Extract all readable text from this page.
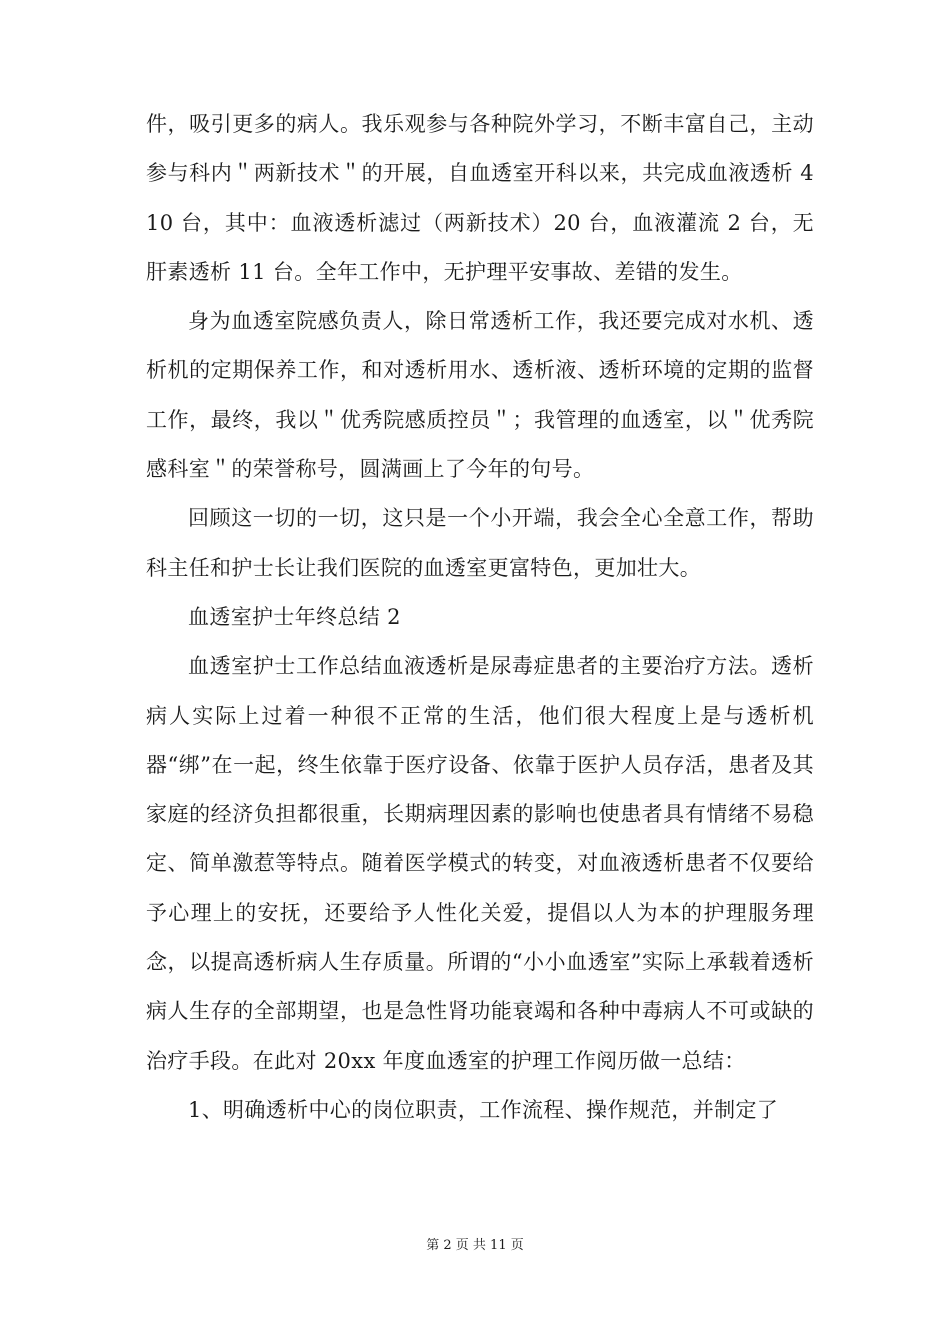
件，吸引更多的病人。我乐观参与各种院外学习，不断丰富自己，主动参与科内＂两新技术＂的开展，自血透室开科以来，共完成血液透析 410 台，其中：血液透析滤过（两新技术）20 台，血液灌流 2 台，无肝素透析 11 台。全年工作中，无护理平安事故、差错的发生。

身为血透室院感负责人，除日常透析工作，我还要完成对水机、透析机的定期保养工作，和对透析用水、透析液、透析环境的定期的监督工作，最终，我以＂优秀院感质控员＂；我管理的血透室，以＂优秀院感科室＂的荣誉称号，圆满画上了今年的句号。

回顾这一切的一切，这只是一个小开端，我会全心全意工作，帮助科主任和护士长让我们医院的血透室更富特色，更加壮大。

血透室护士年终总结 2

血透室护士工作总结血液透析是尿毒症患者的主要治疗方法。透析病人实际上过着一种很不正常的生活，他们很大程度上是与透析机器“绑”在一起，终生依靠于医疗设备、依靠于医护人员存活，患者及其家庭的经济负担都很重，长期病理因素的影响也使患者具有情绪不易稳定、简单激惹等特点。随着医学模式的转变，对血液透析患者不仅要给予心理上的安抚，还要给予人性化关爱，提倡以人为本的护理服务理念，以提高透析病人生存质量。所谓的“小小血透室”实际上承载着透析病人生存的全部期望，也是急性肾功能衰竭和各种中毒病人不可或缺的治疗手段。在此对 20xx 年度血透室的护理工作阅历做一总结：

1、明确透析中心的岗位职责，工作流程、操作规范，并制定了

第 2 页 共 11 页
